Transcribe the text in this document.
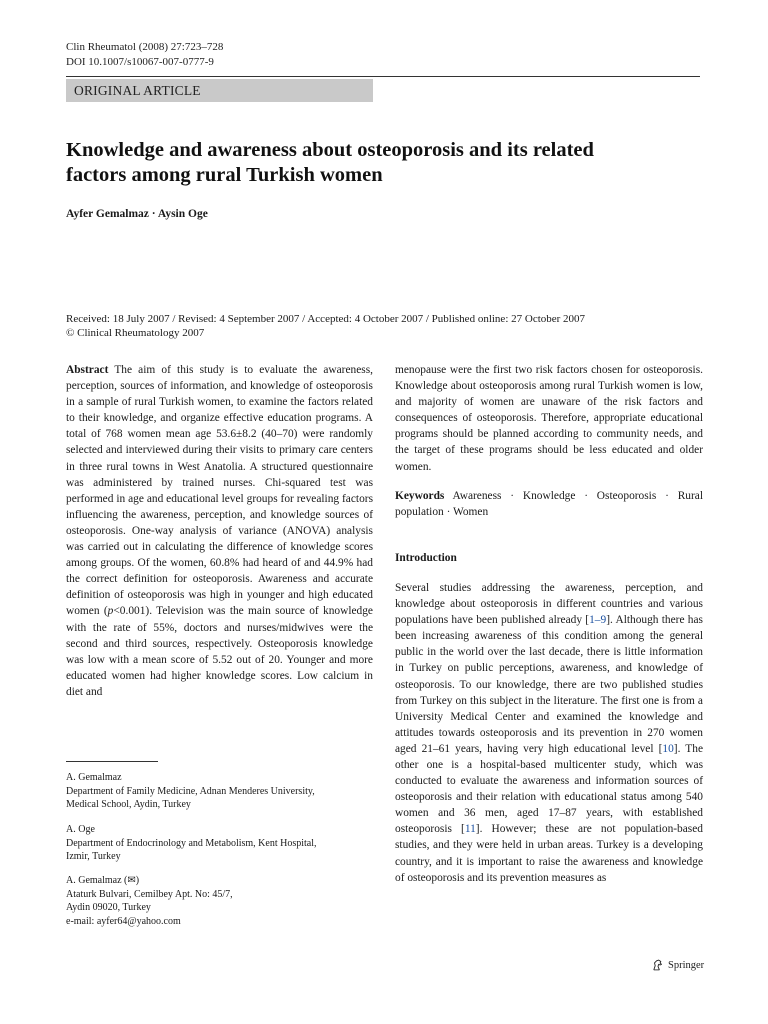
Clin Rheumatol (2008) 27:723–728
DOI 10.1007/s10067-007-0777-9
ORIGINAL ARTICLE
Knowledge and awareness about osteoporosis and its related
factors among rural Turkish women
Ayfer Gemalmaz · Aysin Oge
Received: 18 July 2007 / Revised: 4 September 2007 / Accepted: 4 October 2007 / Published online: 27 October 2007
© Clinical Rheumatology 2007

Abstract The aim of this study is to evaluate the awareness, perception, sources of information, and knowledge of osteoporosis in a sample of rural Turkish women, to examine the factors related to their knowledge, and organize effective education programs. A total of 768 women mean age 53.6±8.2 (40–70) were randomly selected and interviewed during their visits to primary care centers in three rural towns in West Anatolia. A structured questionnaire was administered by trained nurses. Chi-squared test was performed in age and educational level groups for revealing factors influencing the awareness, perception, and knowledge sources of osteoporosis. One-way analysis of variance (ANOVA) analysis was carried out in calculating the difference of knowledge scores among groups. Of the women, 60.8% had heard of and 44.9% had the correct definition for osteoporosis. Awareness and accurate definition of osteoporosis was high in younger and high educated women (p<0.001). Television was the main source of knowledge with the rate of 55%, doctors and nurses/midwives were the second and third sources, respectively. Osteoporosis knowledge was low with a mean score of 5.52 out of 20. Younger and more educated women had higher knowledge scores. Low calcium in diet and

menopause were the first two risk factors chosen for osteoporosis. Knowledge about osteoporosis among rural Turkish women is low, and majority of women are unaware of the risk factors and consequences of osteoporosis. Therefore, appropriate educational programs should be planned according to community needs, and the target of these programs should be less educated and older women.

Keywords Awareness · Knowledge · Osteoporosis · Rural population · Women

Introduction

Several studies addressing the awareness, perception, and knowledge about osteoporosis in different countries and various populations have been published already [1–9]. Although there has been increasing awareness of this condition among the general public in the world over the last decade, there is little information in Turkey on public perceptions, awareness, and knowledge of osteoporosis. To our knowledge, there are two published studies from Turkey on this subject in the literature. The first one is from a University Medical Center and examined the knowledge and attitudes towards osteoporosis and its prevention in 270 women aged 21–61 years, having very high educational level [10]. The other one is a hospital-based multicenter study, which was conducted to evaluate the awareness and information sources of osteoporosis and their relation with educational status among 540 women and 36 men, aged 17–87 years, with established osteoporosis [11]. However; these are not population-based studies, and they were held in urban areas. Turkey is a developing country, and it is important to raise the awareness and knowledge of osteoporosis and its prevention measures as

A. Gemalmaz
Department of Family Medicine, Adnan Menderes University,
Medical School, Aydin, Turkey
A. Oge
Department of Endocrinology and Metabolism, Kent Hospital,
Izmir, Turkey
A. Gemalmaz (✉)
Ataturk Bulvari, Cemilbey Apt. No: 45/7,
Aydin 09020, Turkey
e-mail: ayfer64@yahoo.com
Springer
